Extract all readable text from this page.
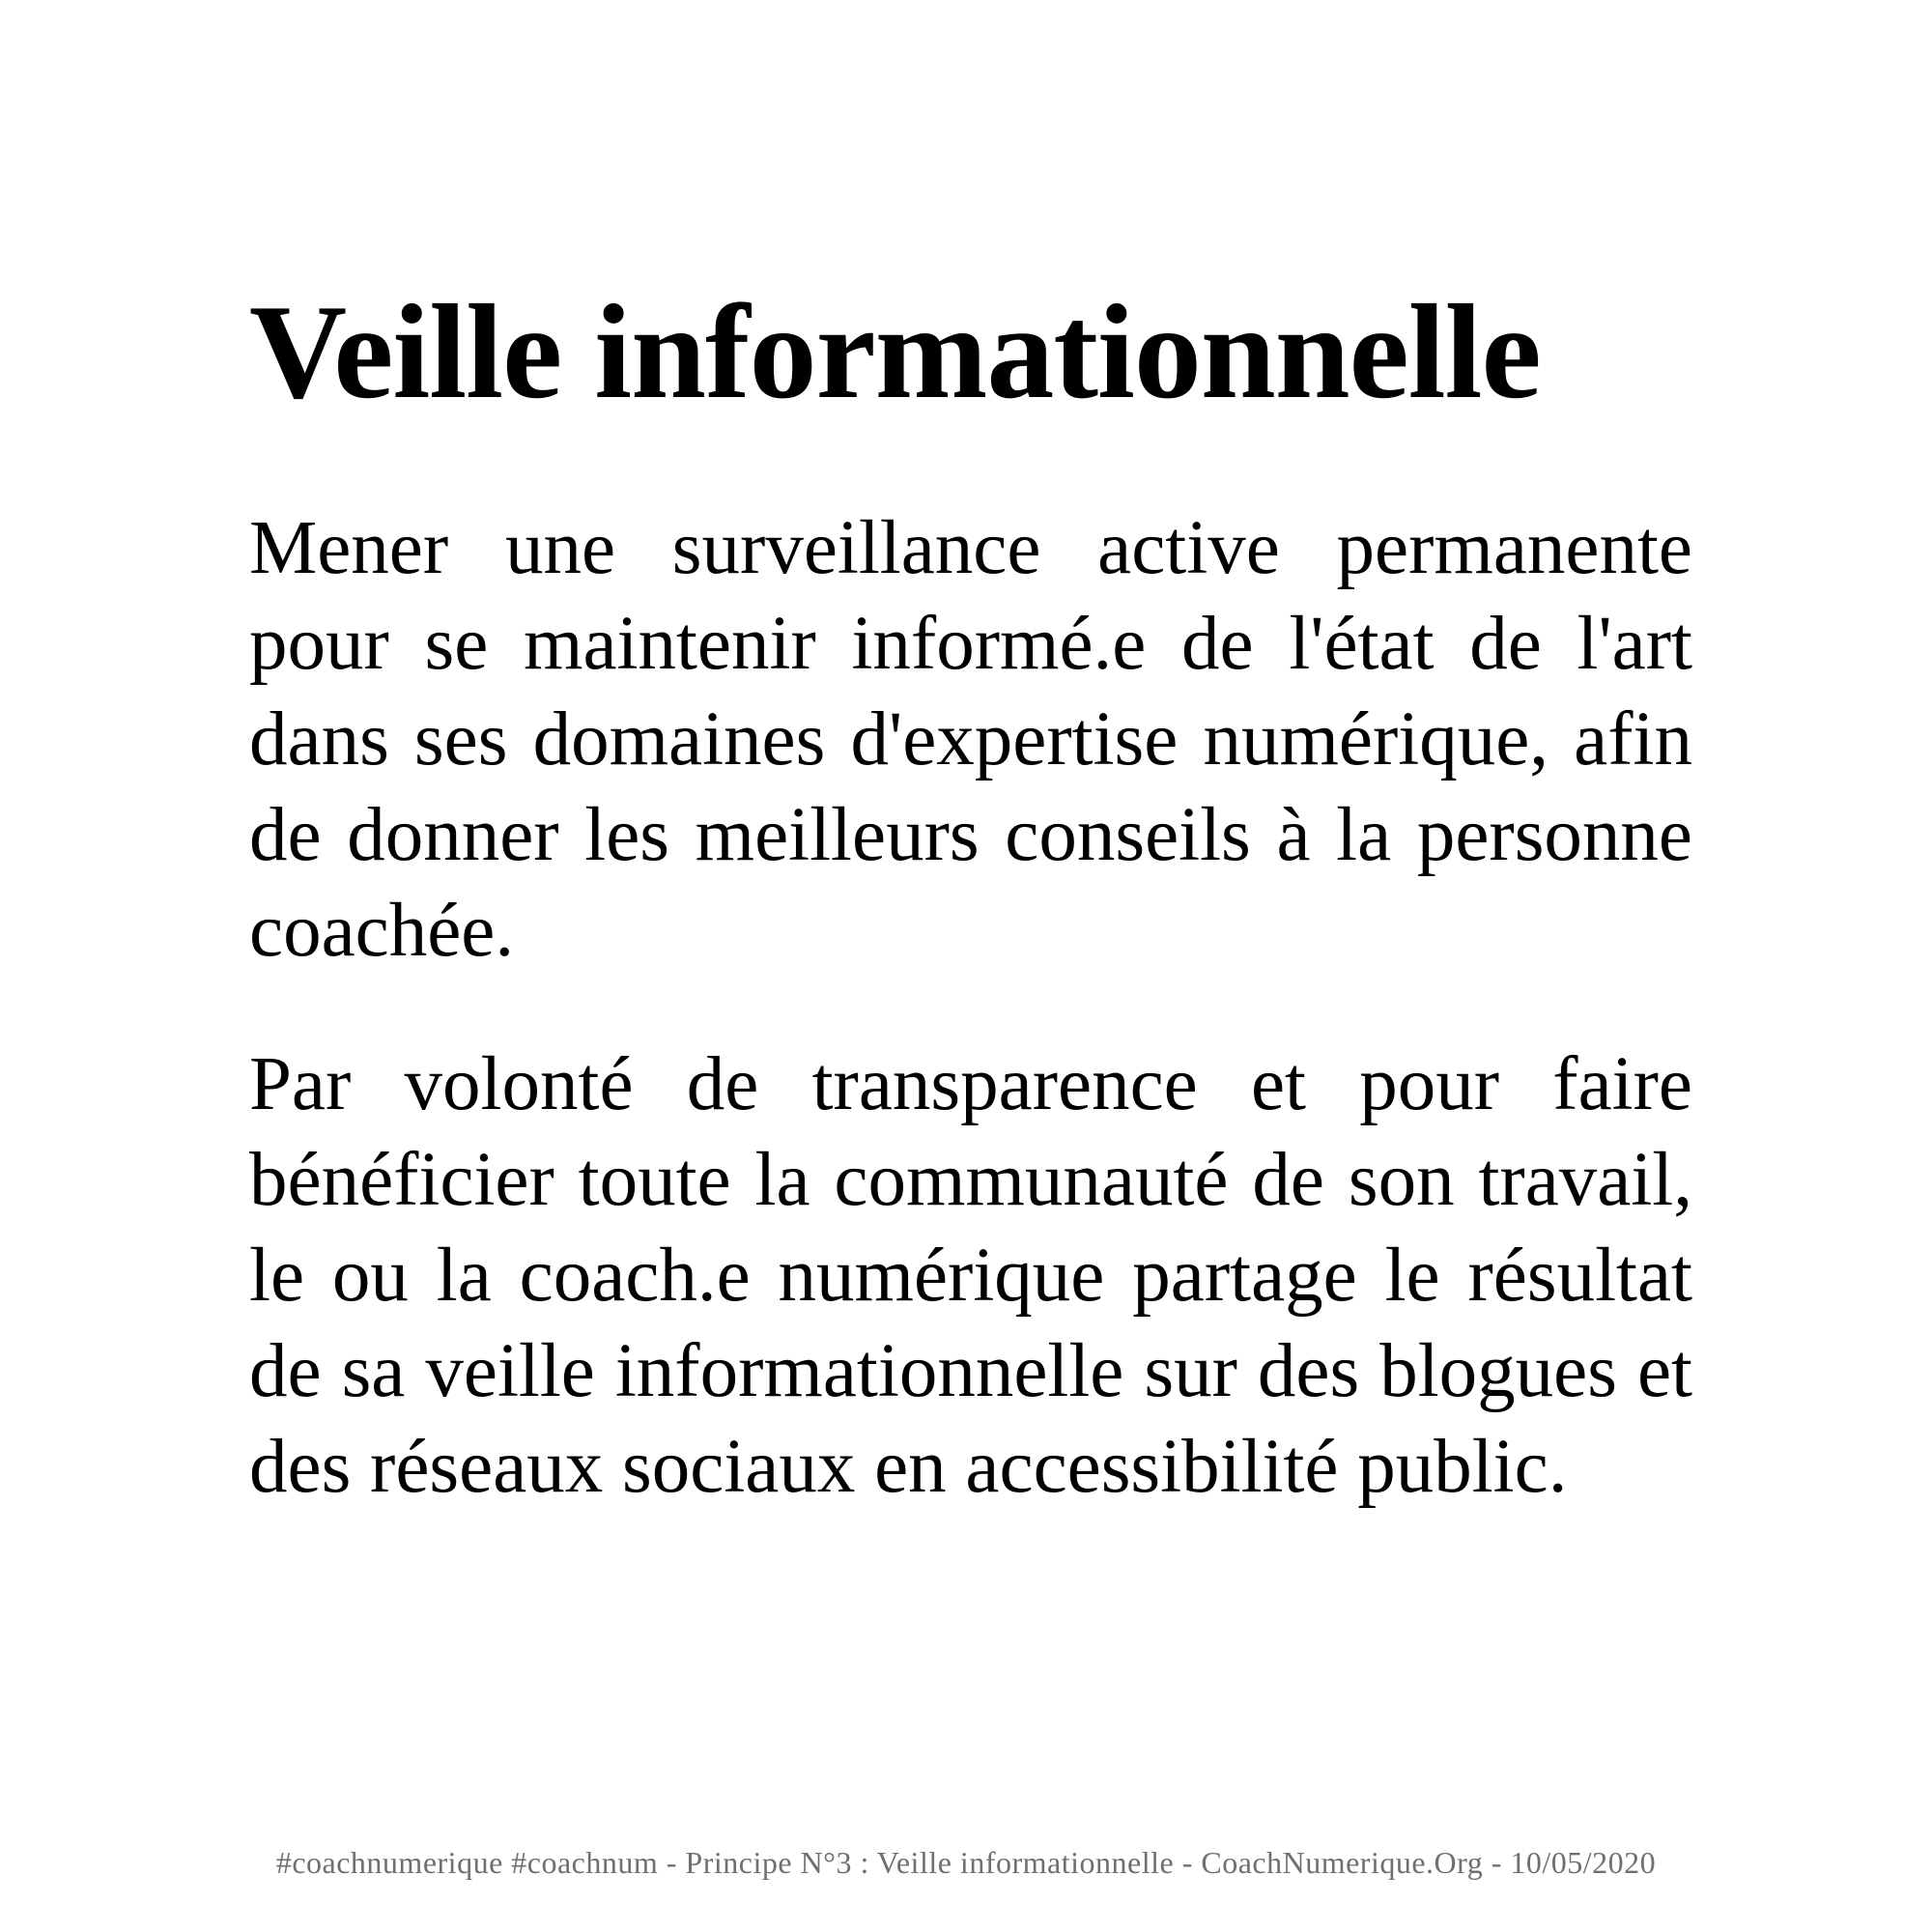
Veille informationnelle

Mener une surveillance active permanente pour se maintenir informé.e de l'état de l'art dans ses domaines d'expertise numérique, afin de donner les meilleurs conseils à la personne coachée.

Par volonté de transparence et pour faire bénéficier toute la communauté de son travail, le ou la coach.e numérique partage le résultat de sa veille informationnelle sur des blogues et des réseaux sociaux en accessibilité public.

#coachnumerique #coachnum - Principe N°3 : Veille informationnelle - CoachNumerique.Org - 10/05/2020
